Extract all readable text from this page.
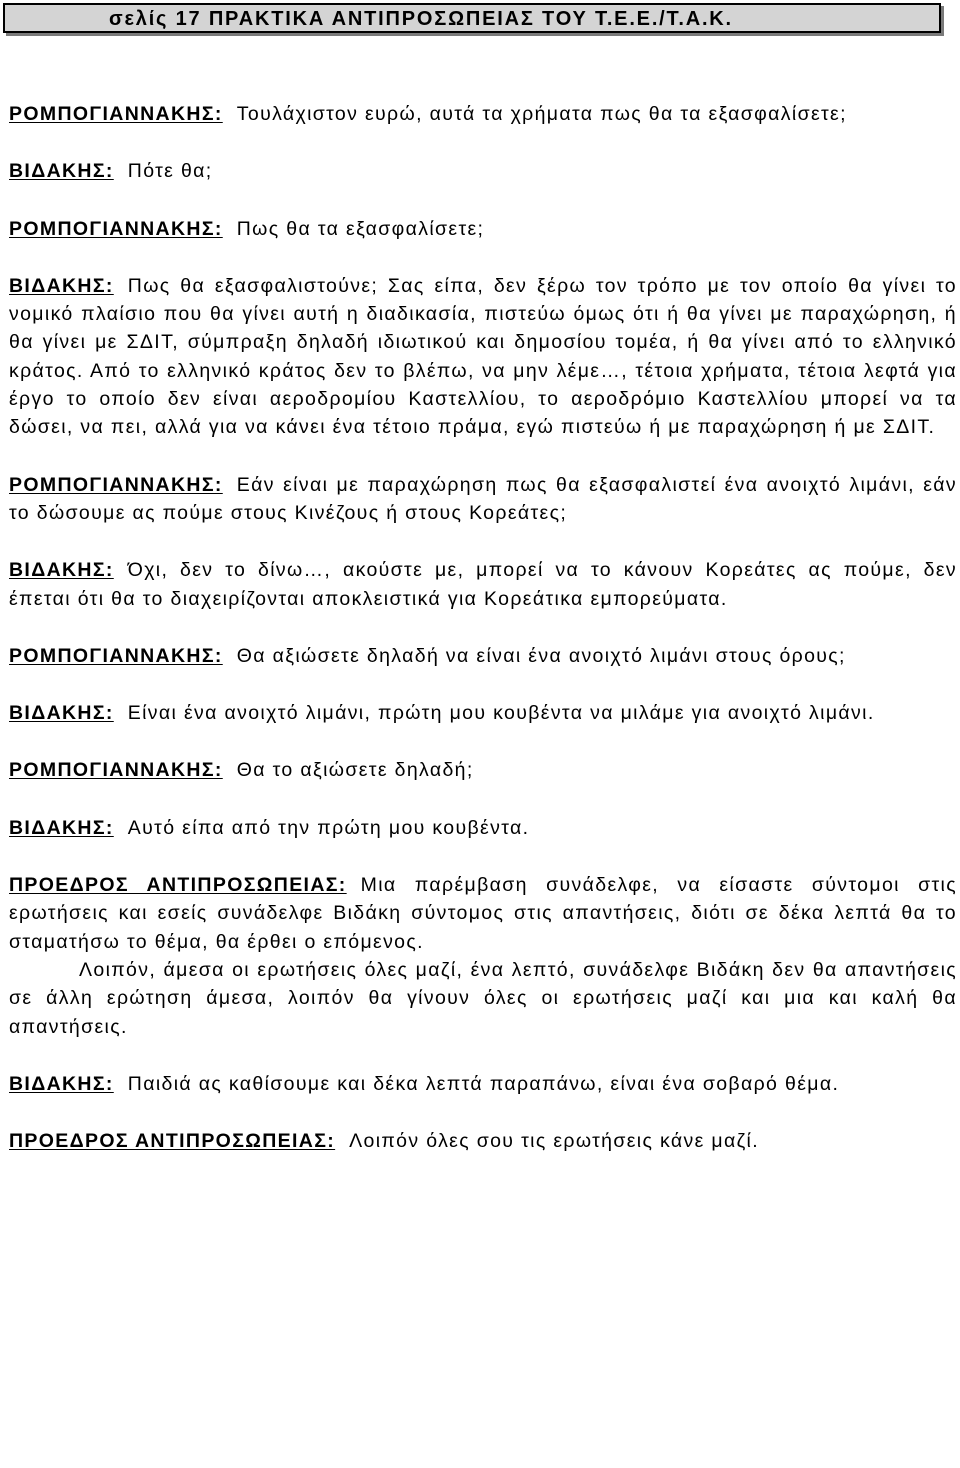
σελίς 17 ΠΡΑΚΤΙΚΑ ΑΝΤΙΠΡΟΣΩΠΕΙΑΣ ΤΟΥ Τ.Ε.Ε./Τ.Α.Κ.

ΡΟΜΠΟΓΙΑΝΝΑΚΗΣ: Τουλάχιστον ευρώ, αυτά τα χρήματα πως θα τα εξασφαλίσετε;

ΒΙΔΑΚΗΣ: Πότε θα;

ΡΟΜΠΟΓΙΑΝΝΑΚΗΣ: Πως θα τα εξασφαλίσετε;

ΒΙΔΑΚΗΣ: Πως θα εξασφαλιστούνε; Σας είπα, δεν ξέρω τον τρόπο με τον οποίο θα γίνει το νομικό πλαίσιο που θα γίνει αυτή η διαδικασία, πιστεύω όμως ότι ή θα γίνει με παραχώρηση, ή θα γίνει με ΣΔΙΤ, σύμπραξη δηλαδή ιδιωτικού και δημοσίου τομέα, ή θα γίνει από το ελληνικό κράτος. Από το ελληνικό κράτος δεν το βλέπω, να μην λέμε…, τέτοια χρήματα, τέτοια λεφτά για έργο το οποίο δεν είναι αεροδρομίου Καστελλίου, το αεροδρόμιο Καστελλίου μπορεί να τα δώσει, να πει, αλλά για να κάνει ένα τέτοιο πράμα, εγώ πιστεύω ή με παραχώρηση ή με ΣΔΙΤ.

ΡΟΜΠΟΓΙΑΝΝΑΚΗΣ: Εάν είναι με παραχώρηση πως θα εξασφαλιστεί ένα ανοιχτό λιμάνι, εάν το δώσουμε ας πούμε στους Κινέζους ή στους Κορεάτες;

ΒΙΔΑΚΗΣ: Όχι, δεν το δίνω…, ακούστε με, μπορεί να το κάνουν Κορεάτες ας πούμε, δεν έπεται ότι θα το διαχειρίζονται αποκλειστικά για Κορεάτικα εμπορεύματα.

ΡΟΜΠΟΓΙΑΝΝΑΚΗΣ: Θα αξιώσετε δηλαδή να είναι ένα ανοιχτό λιμάνι στους όρους;

ΒΙΔΑΚΗΣ: Είναι ένα ανοιχτό λιμάνι, πρώτη μου κουβέντα να μιλάμε για ανοιχτό λιμάνι.

ΡΟΜΠΟΓΙΑΝΝΑΚΗΣ: Θα το αξιώσετε δηλαδή;

ΒΙΔΑΚΗΣ: Αυτό είπα από την πρώτη μου κουβέντα.

ΠΡΟΕΔΡΟΣ ΑΝΤΙΠΡΟΣΩΠΕΙΑΣ: Μια παρέμβαση συνάδελφε, να είσαστε σύντομοι στις ερωτήσεις και εσείς συνάδελφε Βιδάκη σύντομος στις απαντήσεις, διότι σε δέκα λεπτά θα το σταματήσω το θέμα, θα έρθει ο επόμενος.

Λοιπόν, άμεσα οι ερωτήσεις όλες μαζί, ένα λεπτό, συνάδελφε Βιδάκη δεν θα απαντήσεις σε άλλη ερώτηση άμεσα, λοιπόν θα γίνουν όλες οι ερωτήσεις μαζί και μια και καλή θα απαντήσεις.

ΒΙΔΑΚΗΣ: Παιδιά ας καθίσουμε και δέκα λεπτά παραπάνω, είναι ένα σοβαρό θέμα.

ΠΡΟΕΔΡΟΣ ΑΝΤΙΠΡΟΣΩΠΕΙΑΣ: Λοιπόν όλες σου τις ερωτήσεις κάνε μαζί.
